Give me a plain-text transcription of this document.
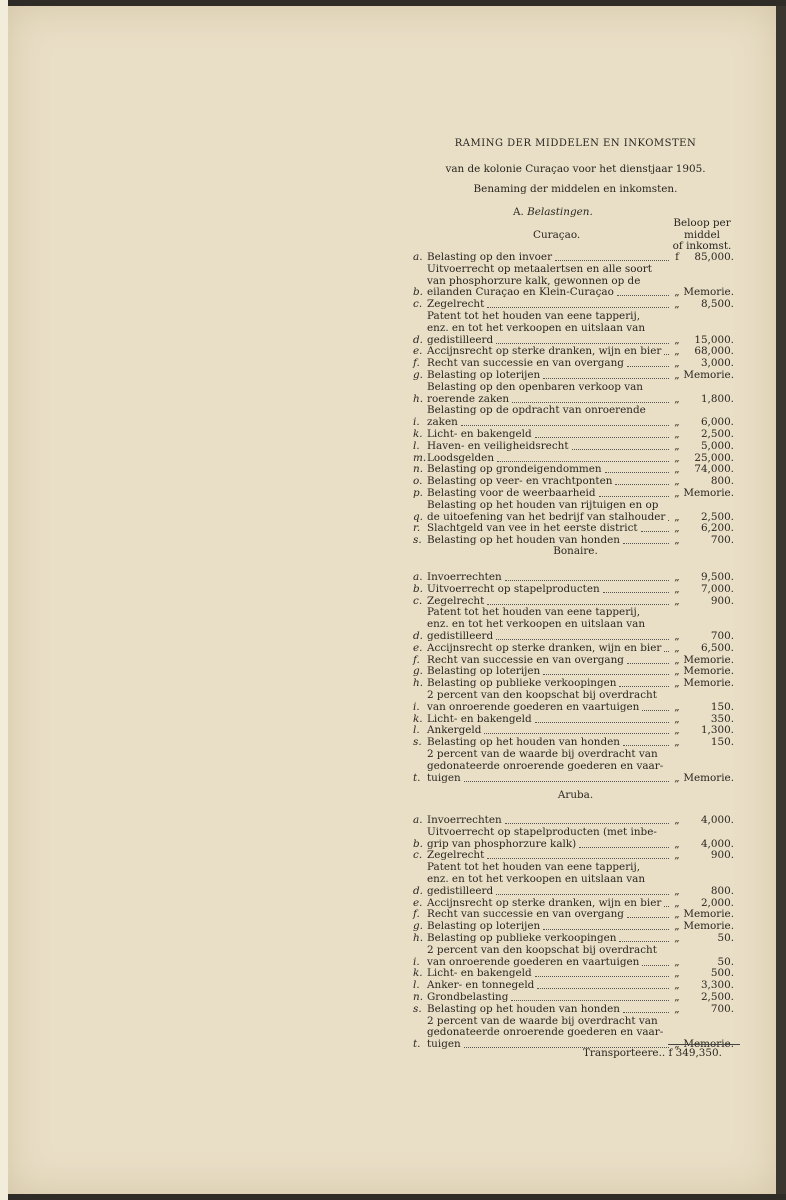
RAMING DER MIDDELEN EN INKOMSTEN
van de kolonie Curaçao voor het dienstjaar 1905.
Benaming der middelen en inkomsten.
A. Belastingen.
Curaçao.
Beloop per
middel
of inkomst.
a. Belasting op den invoer	f	85,000.
b.
Uitvoerrecht op metaalertsen en alle soort
van phosphorzure kalk, gewonnen op de
eilanden Curaçao en Klein-Curaçao	„ Memorie.
c. Zegelrecht	„	8,500.
d.
Patent tot het houden van eene tapperij,
enz. en tot het verkoopen en uitslaan van
gedistilleerd	„	15,000.
e. Accijnsrecht op sterke dranken, wijn en bier „	68,000.
f. Recht van successie en van overgang	„	3,000.
g. Belasting op loterijen	„ Memorie.
h.
Belasting op den openbaren verkoop van
roerende zaken	„	1,800.
i.
Belasting op de opdracht van onroerende
zaken	„	6,000.
k. Licht- en bakengeld	„	2,500.
l. Haven- en veiligheidsrecht	„	5,000.
m. Loodsgelden	„	25,000.
n. Belasting op grondeigendommen	„	74,000.
o. Belasting op veer- en vrachtponten	„	800.
p. Belasting voor de weerbaarheid	„ Memorie.
q.
Belasting op het houden van rijtuigen en op
de uitoefening van het bedrijf van stalhouder „	2,500.
r. Slachtgeld van vee in het eerste district	„	6,200.
s. Belasting op het houden van honden	„	700.
Bonaire.
a. Invoerrechten	„	9,500.
b. Uitvoerrecht op stapelproducten	„	7,000.
c. Zegelrecht	„	900.
d.
Patent tot het houden van eene tapperij,
enz. en tot het verkoopen en uitslaan van
gedistilleerd	„	700.
e. Accijnsrecht op sterke dranken, wijn en bier „	6,500.
f. Recht van successie en van overgang	„ Memorie.
g. Belasting op loterijen	„ Memorie.
h. Belasting op publieke verkoopingen	„ Memorie.
i.
2 percent van den koopschat bij overdracht
van onroerende goederen en vaartuigen	„	150.
k. Licht- en bakengeld	„	350.
l. Ankergeld	„	1,300.
s. Belasting op het houden van honden	„	150.
t.
2 percent van de waarde bij overdracht van
gedonateerde onroerende goederen en vaar-
tuigen	„ Memorie.
Aruba.
a. Invoerrechten	„	4,000.
b.
Uitvoerrecht op stapelproducten (met inbe-
grip van phosphorzure kalk)	„	4,000.
c. Zegelrecht	„	900.
d.
Patent tot het houden van eene tapperij,
enz. en tot het verkoopen en uitslaan van
gedistilleerd	„	800.
e. Accijnsrecht op sterke dranken, wijn en bier „	2,000.
f. Recht van successie en van overgang	„ Memorie.
g. Belasting op loterijen	„ Memorie.
h. Belasting op publieke verkoopingen	„	50.
i.
2 percent van den koopschat bij overdracht
van onroerende goederen en vaartuigen	„	50.
k. Licht- en bakengeld	„	500.
l. Anker- en tonnegeld	„	3,300.
n. Grondbelasting	„	2,500.
s. Belasting op het houden van honden	„	700.
t.
2 percent van de waarde bij overdracht van
gedonateerde onroerende goederen en vaar-
tuigen	„ Memorie.
Transporteere.. f 349,350.
